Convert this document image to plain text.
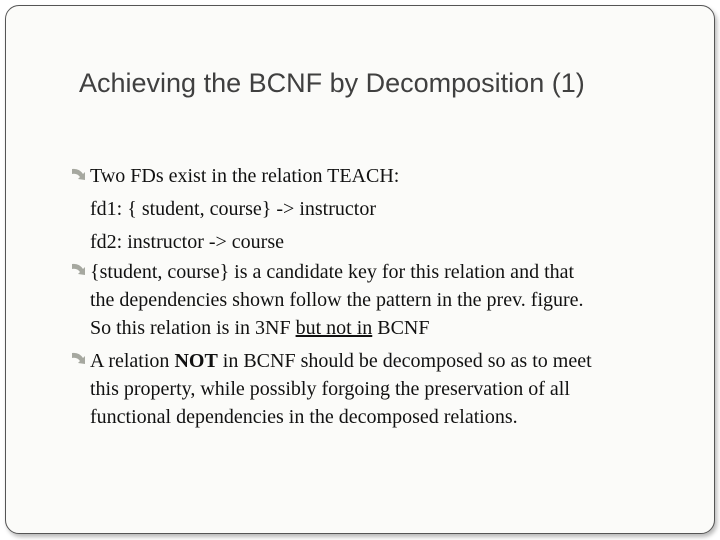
Achieving the BCNF by Decomposition (1)
Two FDs exist in the relation TEACH:
fd1: { student, course} -> instructor
fd2: instructor -> course
{student, course} is a candidate key for this relation and that
the dependencies shown follow the pattern in the prev. figure.
So this relation is in 3NF but not in BCNF
A relation NOT in BCNF should be decomposed so as to meet
this property, while possibly forgoing the preservation of all
functional dependencies in the decomposed relations.
